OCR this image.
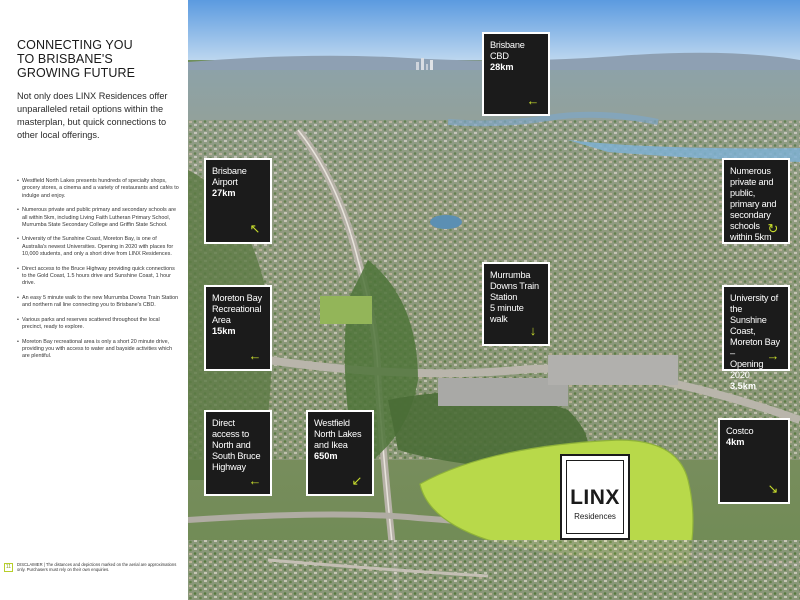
CONNECTING YOU
TO BRISBANE'S
GROWING FUTURE

Not only does LINX Residences offer unparalleled retail options within the masterplan, but quick connections to other local offerings.

• Westfield North Lakes presents hundreds of specialty shops, grocery stores, a cinema and a variety of restaurants and cafés to indulge and enjoy.
• Numerous private and public primary and secondary schools are all within 5km, including Living Faith Lutheran Primary School, Murrumba State Secondary College and Griffin State School.
• University of the Sunshine Coast, Moreton Bay, is one of Australia's newest Universities. Opening in 2020 with places for 10,000 students, and only a short drive from LINX Residences.
• Direct access to the Bruce Highway providing quick connections to the Gold Coast, 1.5 hours drive and Sunshine Coast, 1 hour drive.
• An easy 5 minute walk to the new Murrumba Downs Train Station and northern rail line connecting you to Brisbane's CBD.
• Various parks and reserves scattered throughout the local precinct, ready to explore.
• Moreton Bay recreational area is only a short 20 minute drive, providing you with access to water and bayside activities which are plentiful.
11	DISCLAIMER | The distances and depictions marked on the aerial are approximations only. Purchasers must rely on their own enquiries.
Brisbane CBD
28km
←
Brisbane
Airport
27km
↖
Numerous
private and public,
primary and
secondary schools
within 5km
↻
Murrumba
Downs Train
Station
5 minute walk
↓
Moreton Bay
Recreational
Area
15km
←
University of the
Sunshine Coast,
Moreton Bay –
Opening 2020
3.5km
→
Direct access to
North and
South Bruce
Highway
←
Westfield
North Lakes
and Ikea
650m
↙
Costco
4km
↘
LINX
Residences
